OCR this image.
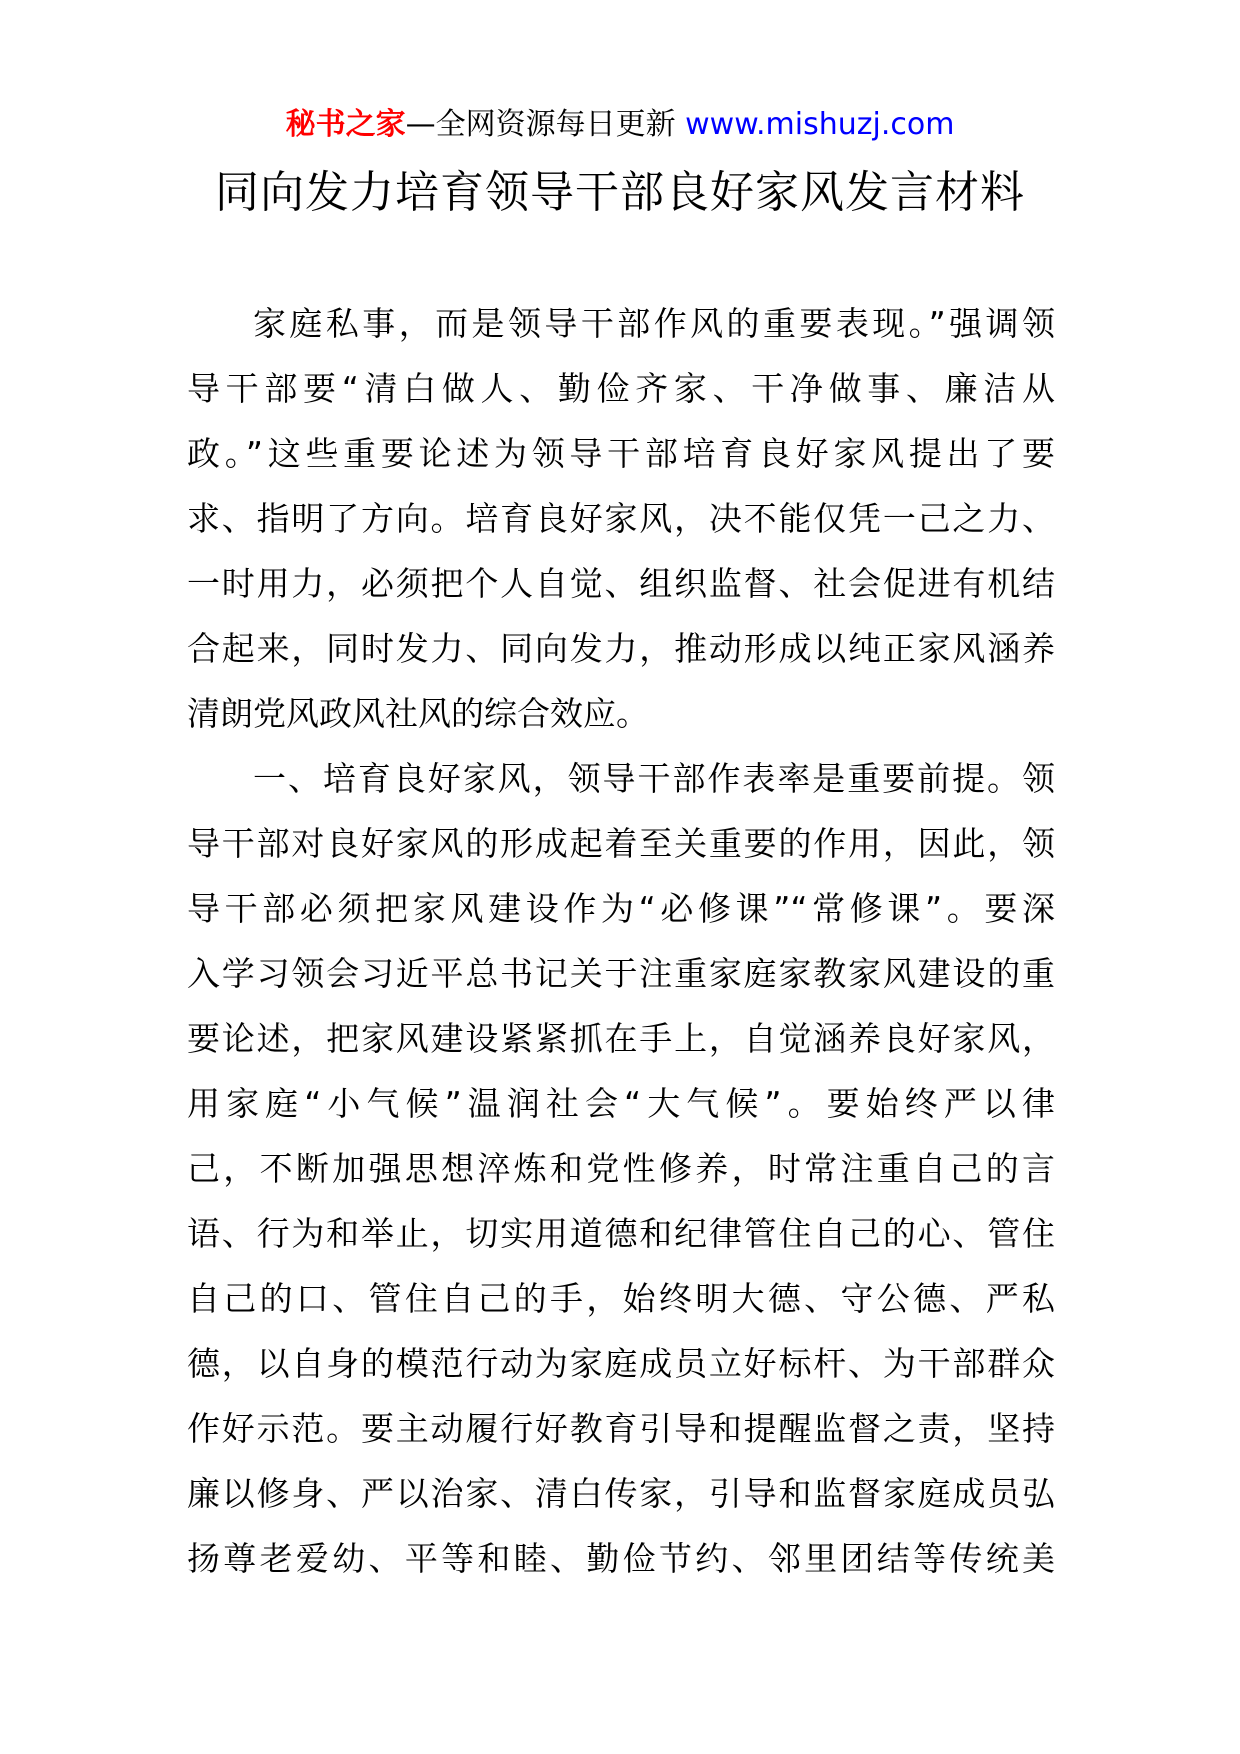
秘书之家—全网资源每日更新 www.mishuzj.com
同向发力培育领导干部良好家风发言材料
家庭私事，而是领导干部作风的重要表现。”强调领
导干部要“清白做人、勤俭齐家、干净做事、廉洁从
政。”这些重要论述为领导干部培育良好家风提出了要
求、指明了方向。培育良好家风，决不能仅凭一己之力、
一时用力，必须把个人自觉、组织监督、社会促进有机结
合起来，同时发力、同向发力，推动形成以纯正家风涵养
清朗党风政风社风的综合效应。
一、培育良好家风，领导干部作表率是重要前提。领
导干部对良好家风的形成起着至关重要的作用，因此，领
导干部必须把家风建设作为“必修课”“常修课”。要深
入学习领会习近平总书记关于注重家庭家教家风建设的重
要论述，把家风建设紧紧抓在手上，自觉涵养良好家风，
用家庭“小气候”温润社会“大气候”。要始终严以律
己，不断加强思想淬炼和党性修养，时常注重自己的言
语、行为和举止，切实用道德和纪律管住自己的心、管住
自己的口、管住自己的手，始终明大德、守公德、严私
德，以自身的模范行动为家庭成员立好标杆、为干部群众
作好示范。要主动履行好教育引导和提醒监督之责，坚持
廉以修身、严以治家、清白传家，引导和监督家庭成员弘
扬尊老爱幼、平等和睦、勤俭节约、邻里团结等传统美
